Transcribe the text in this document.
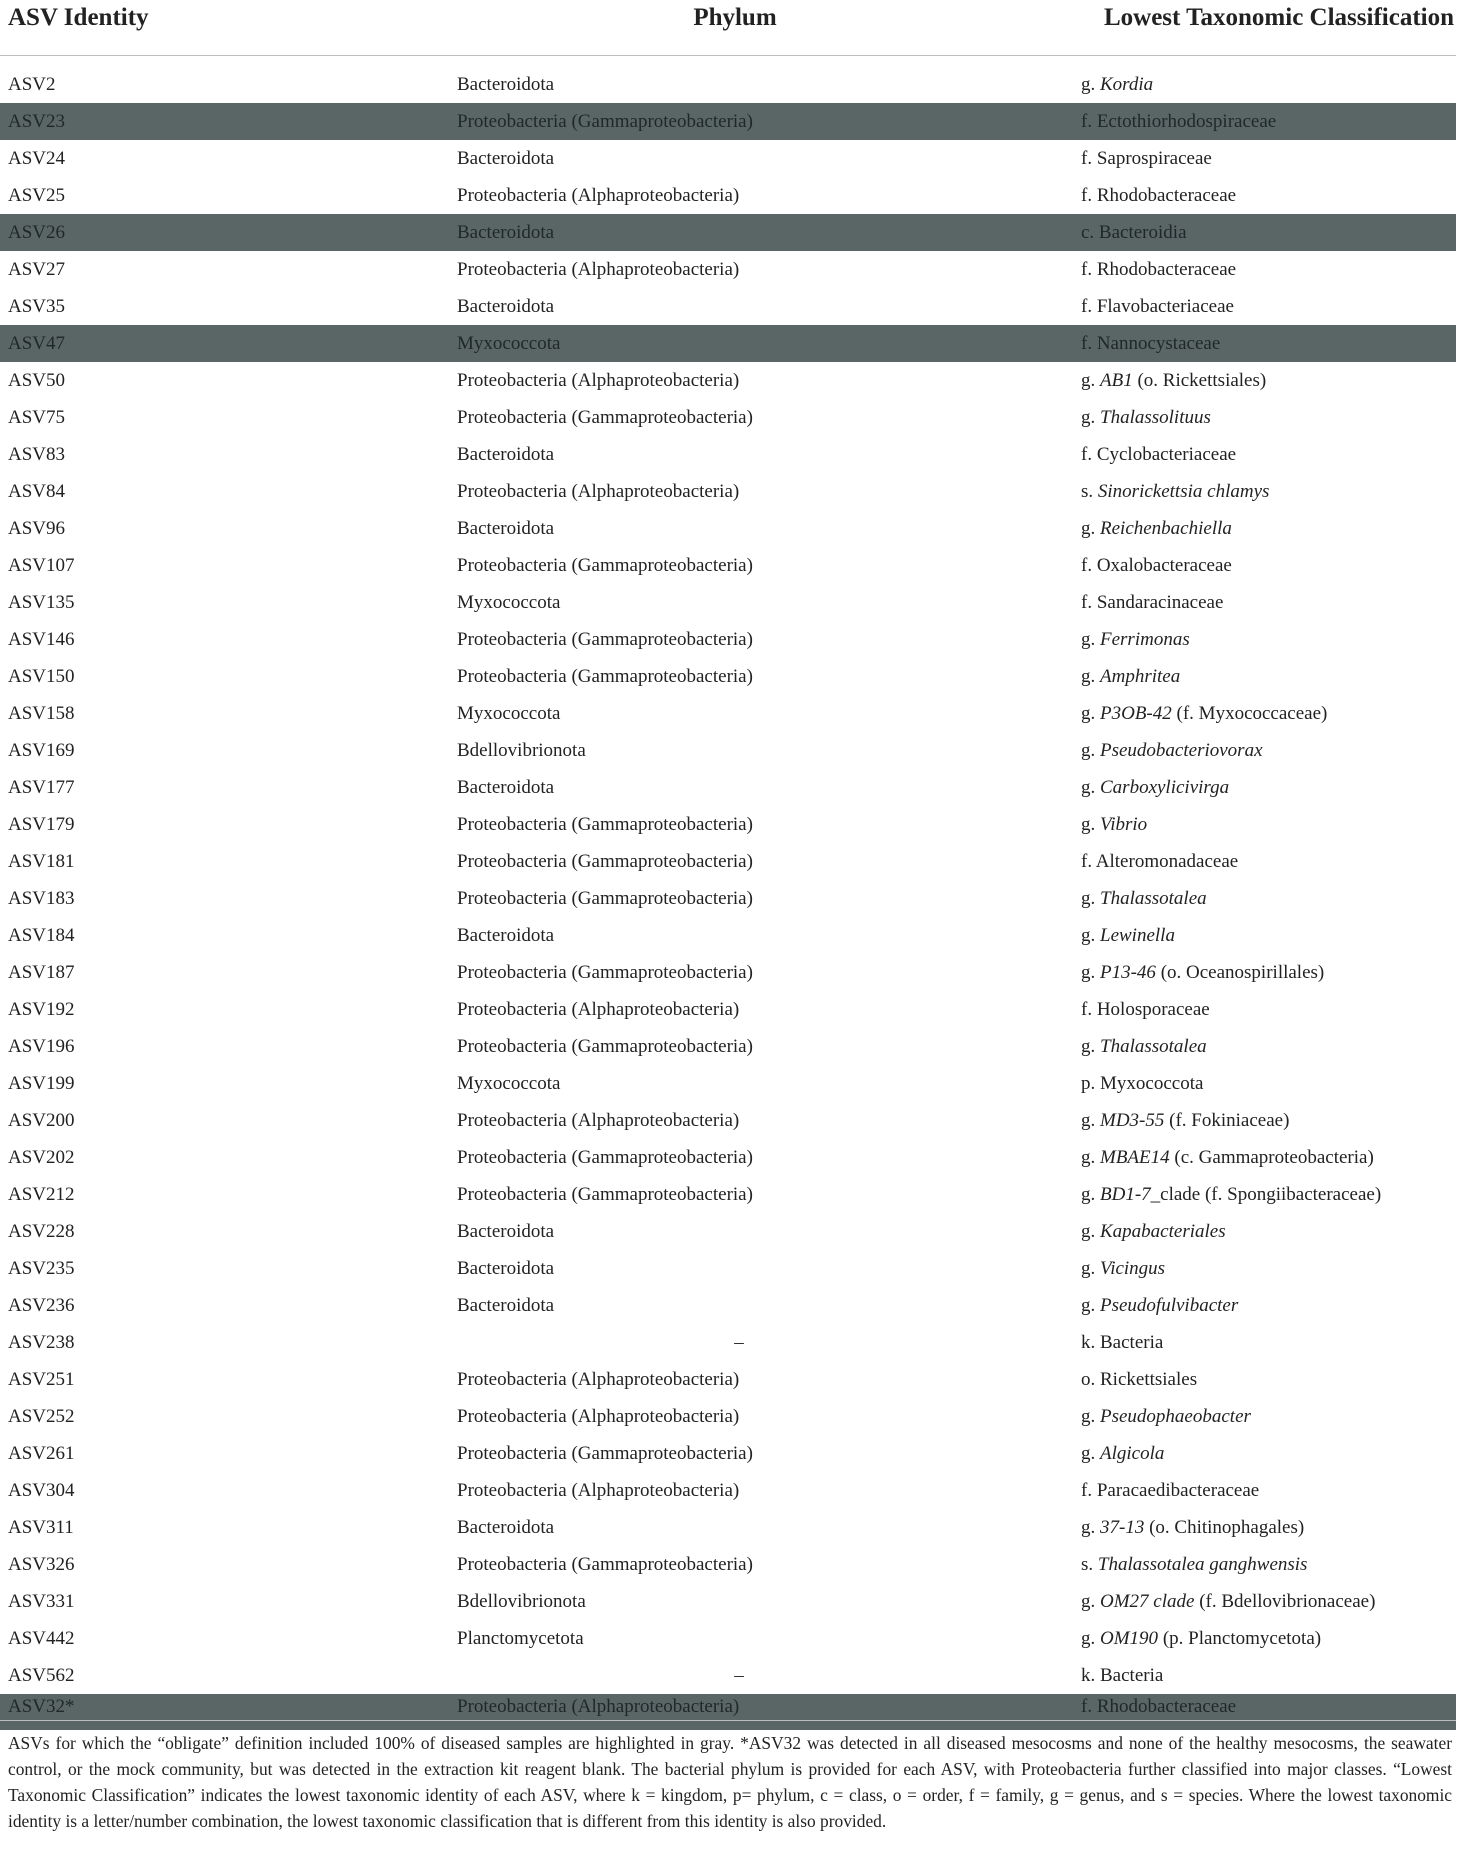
ASV Identity	Phylum	Lowest Taxonomic Classification

ASV2	Bacteroidota	g. Kordia
ASV23	Proteobacteria (Gammaproteobacteria)	f. Ectothiorhodospiraceae
ASV24	Bacteroidota	f. Saprospiraceae
ASV25	Proteobacteria (Alphaproteobacteria)	f. Rhodobacteraceae
ASV26	Bacteroidota	c. Bacteroidia
ASV27	Proteobacteria (Alphaproteobacteria)	f. Rhodobacteraceae
ASV35	Bacteroidota	f. Flavobacteriaceae
ASV47	Myxococcota	f. Nannocystaceae
ASV50	Proteobacteria (Alphaproteobacteria)	g. AB1 (o. Rickettsiales)
ASV75	Proteobacteria (Gammaproteobacteria)	g. Thalassolituus
ASV83	Bacteroidota	f. Cyclobacteriaceae
ASV84	Proteobacteria (Alphaproteobacteria)	s. Sinorickettsia chlamys
ASV96	Bacteroidota	g. Reichenbachiella
ASV107	Proteobacteria (Gammaproteobacteria)	f. Oxalobacteraceae
ASV135	Myxococcota	f. Sandaracinaceae
ASV146	Proteobacteria (Gammaproteobacteria)	g. Ferrimonas
ASV150	Proteobacteria (Gammaproteobacteria)	g. Amphritea
ASV158	Myxococcota	g. P3OB-42 (f. Myxococcaceae)
ASV169	Bdellovibrionota	g. Pseudobacteriovorax
ASV177	Bacteroidota	g. Carboxylicivirga
ASV179	Proteobacteria (Gammaproteobacteria)	g. Vibrio
ASV181	Proteobacteria (Gammaproteobacteria)	f. Alteromonadaceae
ASV183	Proteobacteria (Gammaproteobacteria)	g. Thalassotalea
ASV184	Bacteroidota	g. Lewinella
ASV187	Proteobacteria (Gammaproteobacteria)	g. P13-46 (o. Oceanospirillales)
ASV192	Proteobacteria (Alphaproteobacteria)	f. Holosporaceae
ASV196	Proteobacteria (Gammaproteobacteria)	g. Thalassotalea
ASV199	Myxococcota	p. Myxococcota
ASV200	Proteobacteria (Alphaproteobacteria)	g. MD3-55 (f. Fokiniaceae)
ASV202	Proteobacteria (Gammaproteobacteria)	g. MBAE14 (c. Gammaproteobacteria)
ASV212	Proteobacteria (Gammaproteobacteria)	g. BD1-7_clade (f. Spongiibacteraceae)
ASV228	Bacteroidota	g. Kapabacteriales
ASV235	Bacteroidota	g. Vicingus
ASV236	Bacteroidota	g. Pseudofulvibacter
ASV238	–	k. Bacteria
ASV251	Proteobacteria (Alphaproteobacteria)	o. Rickettsiales
ASV252	Proteobacteria (Alphaproteobacteria)	g. Pseudophaeobacter
ASV261	Proteobacteria (Gammaproteobacteria)	g. Algicola
ASV304	Proteobacteria (Alphaproteobacteria)	f. Paracaedibacteraceae
ASV311	Bacteroidota	g. 37-13 (o. Chitinophagales)
ASV326	Proteobacteria (Gammaproteobacteria)	s. Thalassotalea ganghwensis
ASV331	Bdellovibrionota	g. OM27 clade (f. Bdellovibrionaceae)
ASV442	Planctomycetota	g. OM190 (p. Planctomycetota)
ASV562	–	k. Bacteria
ASV32*	Proteobacteria (Alphaproteobacteria)	f. Rhodobacteraceae
ASVs for which the “obligate” definition included 100% of diseased samples are highlighted in gray. *ASV32 was detected in all diseased mesocosms and none of the healthy mesocosms, the seawater control, or the mock community, but was detected in the extraction kit reagent blank. The bacterial phylum is provided for each ASV, with Proteobacteria further classified into major classes. “Lowest Taxonomic Classification” indicates the lowest taxonomic identity of each ASV, where k = kingdom, p= phylum, c = class, o = order, f = family, g = genus, and s = species. Where the lowest taxonomic identity is a letter/number combination, the lowest taxonomic classification that is different from this identity is also provided.
